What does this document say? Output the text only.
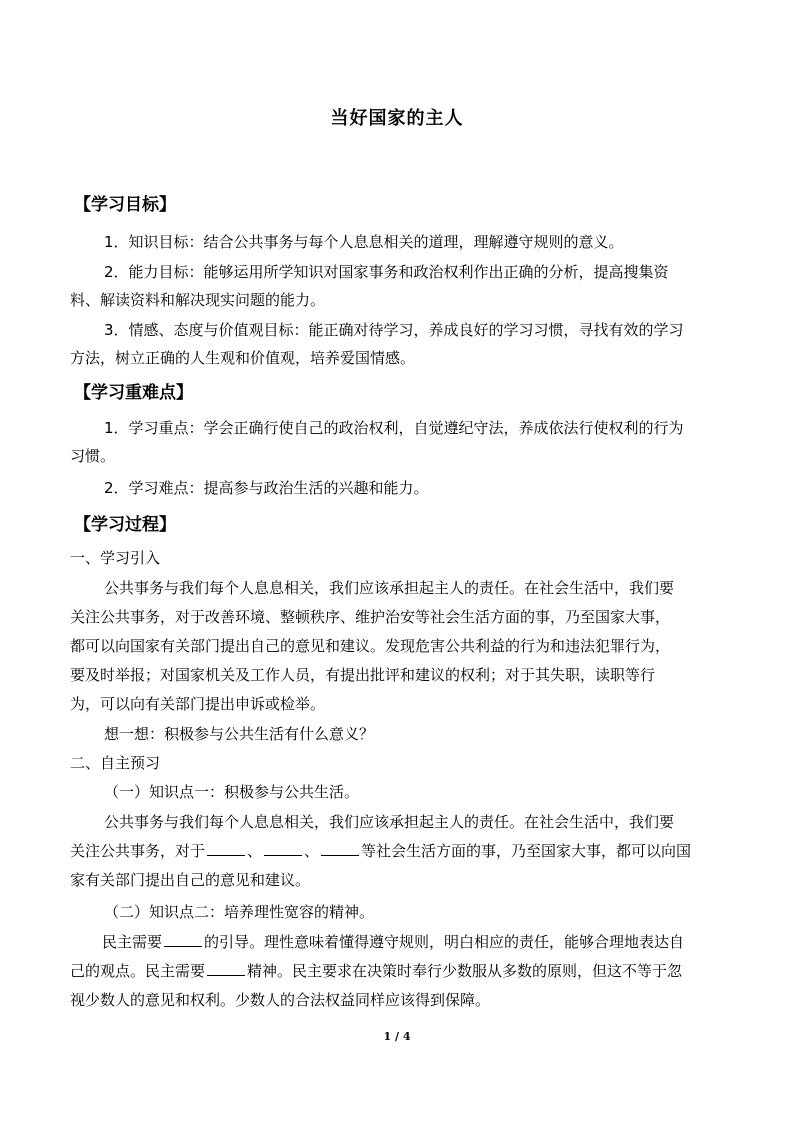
当好国家的主人
【学习目标】
1．知识目标：结合公共事务与每个人息息相关的道理，理解遵守规则的意义。
2．能力目标：能够运用所学知识对国家事务和政治权利作出正确的分析，提高搜集资
料、解读资料和解决现实问题的能力。
3．情感、态度与价值观目标：能正确对待学习，养成良好的学习习惯，寻找有效的学习
方法，树立正确的人生观和价值观，培养爱国情感。
【学习重难点】
1．学习重点：学会正确行使自己的政治权利，自觉遵纪守法，养成依法行使权利的行为
习惯。
2．学习难点：提高参与政治生活的兴趣和能力。
【学习过程】
一、学习引入
公共事务与我们每个人息息相关，我们应该承担起主人的责任。在社会生活中，我们要
关注公共事务，对于改善环境、整顿秩序、维护治安等社会生活方面的事，乃至国家大事，
都可以向国家有关部门提出自己的意见和建议。发现危害公共利益的行为和违法犯罪行为，
要及时举报；对国家机关及工作人员，有提出批评和建议的权利；对于其失职，读职等行
为，可以向有关部门提出申诉或检举。
想一想：积极参与公共生活有什么意义？
二、自主预习
（一）知识点一：积极参与公共生活。
公共事务与我们每个人息息相关，我们应该承担起主人的责任。在社会生活中，我们要
关注公共事务，对于	、	、	等社会生活方面的事，乃至国家大事，都可以向国
家有关部门提出自己的意见和建议。
（二）知识点二：培养理性宽容的精神。
民主需要	的引导。理性意味着懂得遵守规则，明白相应的责任，能够合理地表达自
己的观点。民主需要	精神。民主要求在决策时奉行少数服从多数的原则，但这不等于忽
视少数人的意见和权利。少数人的合法权益同样应该得到保障。
1 / 4
